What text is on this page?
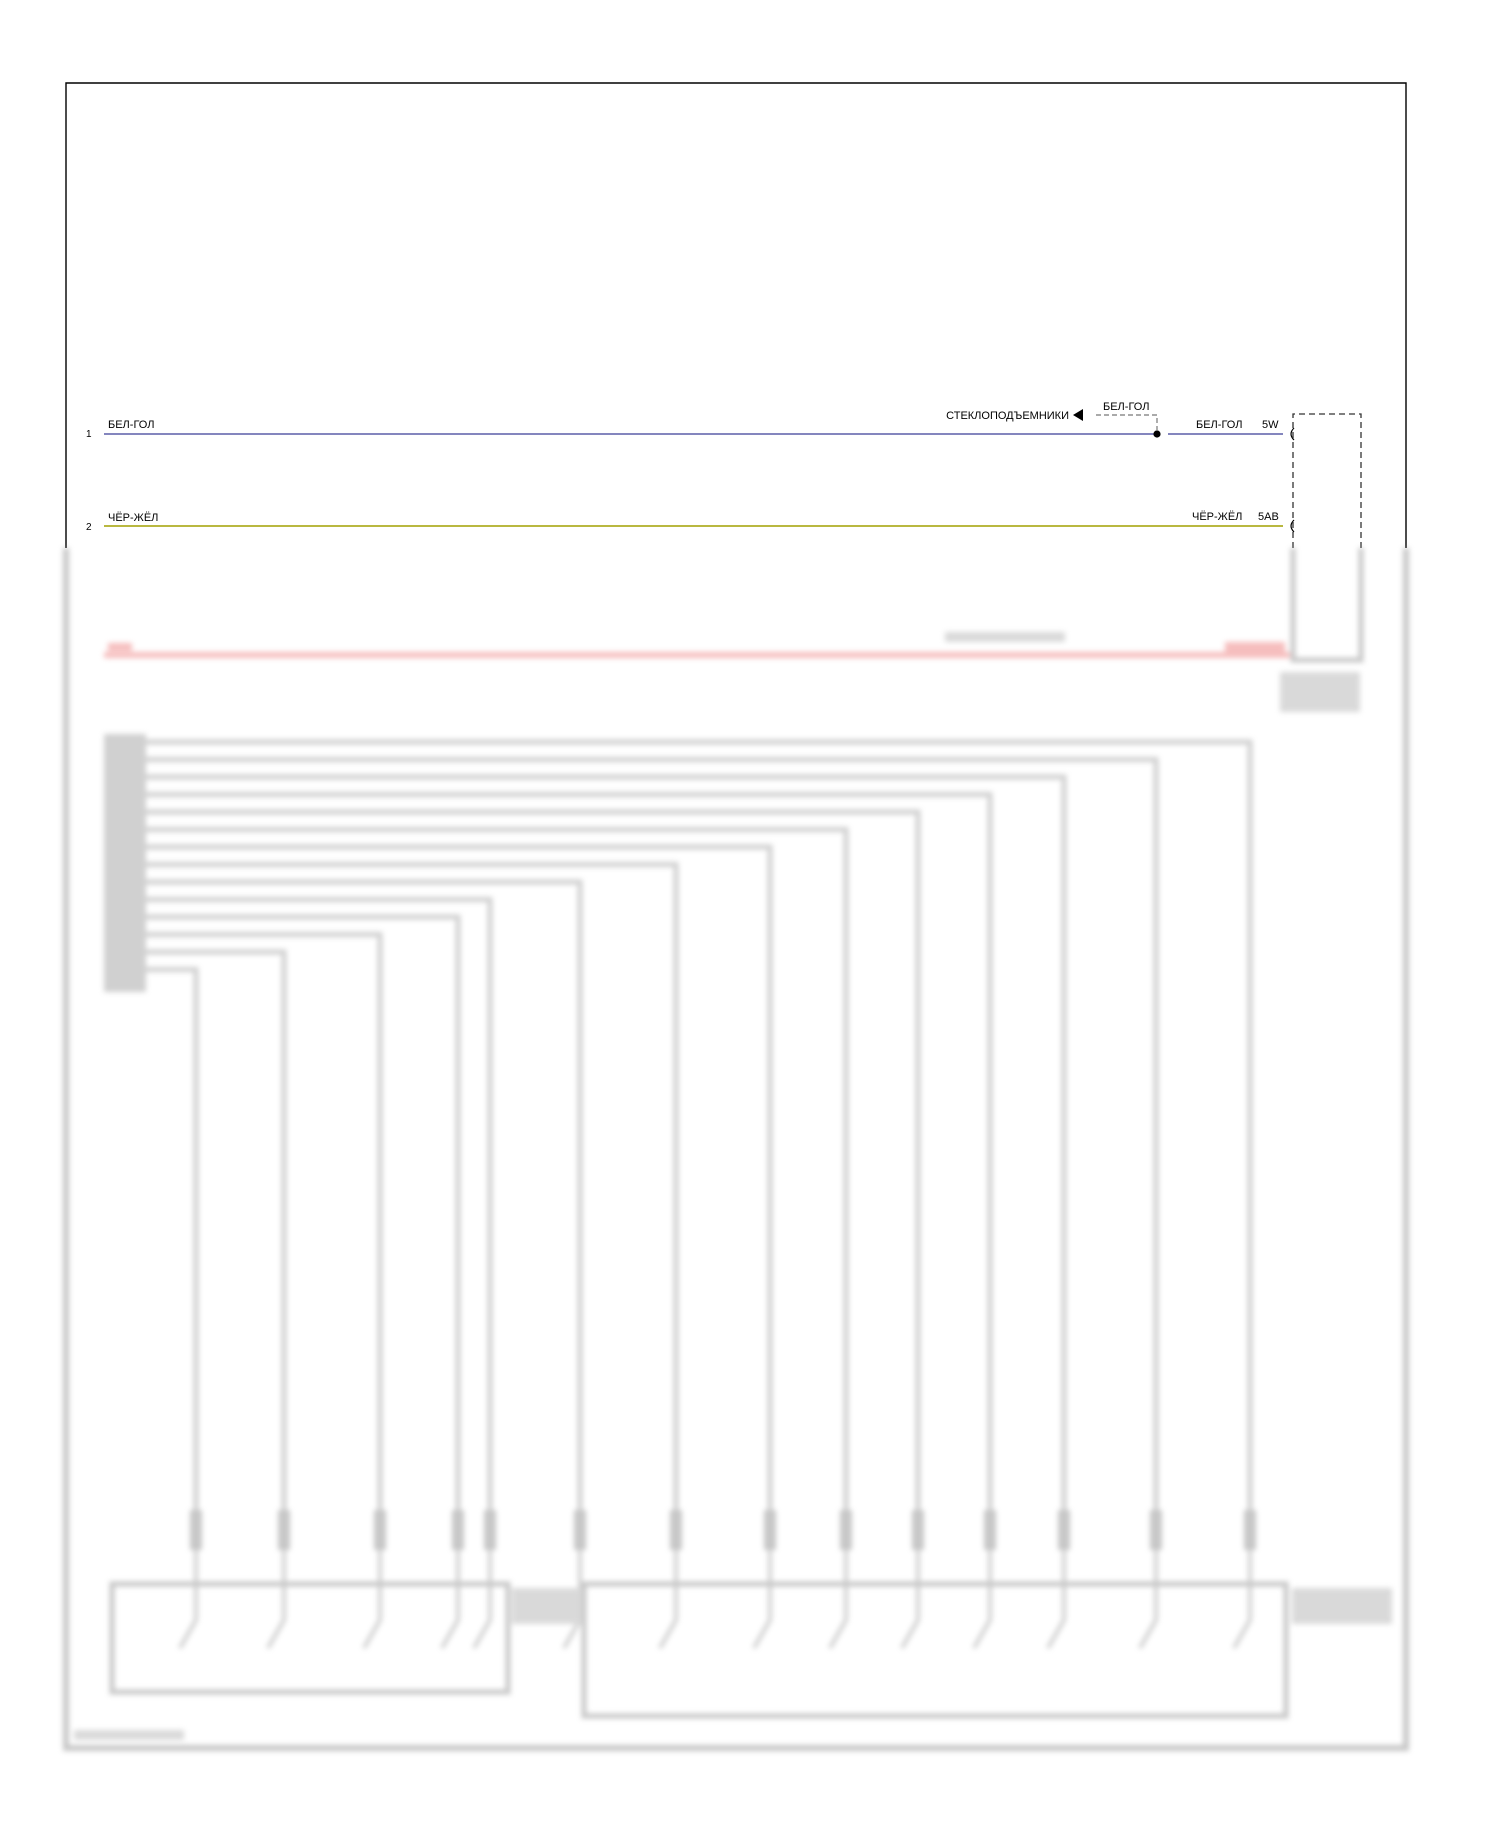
1
БЕЛ-ГОЛ	БЕЛ-ГОЛ 5W
СТЕКЛОПОДЪЕМНИКИ
БЕЛ-ГОЛ
2
ЧЁР-ЖЁЛ	ЧЁР-ЖЁЛ 5AB
